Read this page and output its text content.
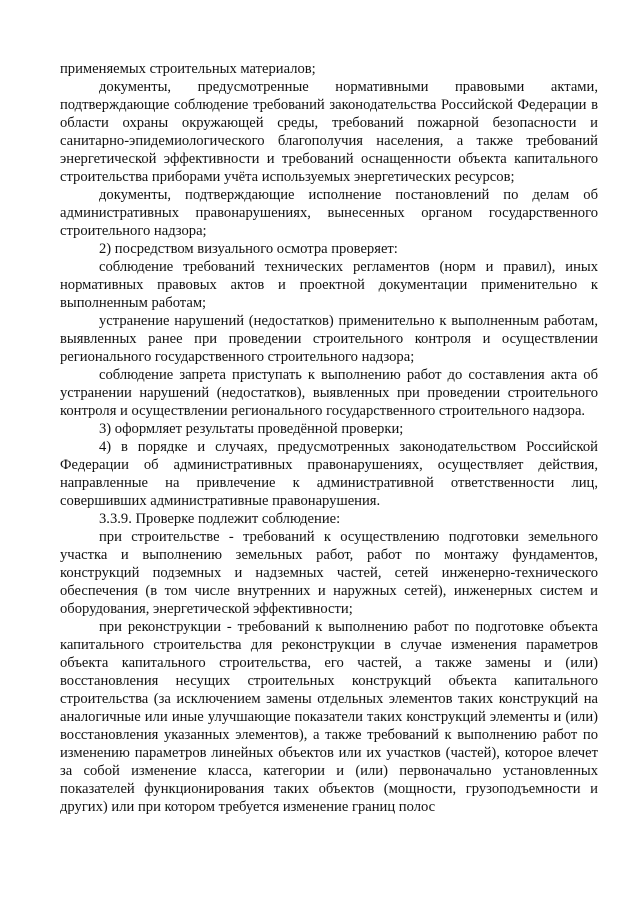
применяемых строительных материалов;

документы, предусмотренные нормативными правовыми актами, подтверждающие соблюдение требований законодательства Российской Федерации в области охраны окружающей среды, требований пожарной безопасности и санитарно-эпидемиологического благополучия населения, а также требований энергетической эффективности и требований оснащенности объекта капитального строительства приборами учёта используемых энергетических ресурсов;

документы, подтверждающие исполнение постановлений по делам об административных правонарушениях, вынесенных органом государственного строительного надзора;

2) посредством визуального осмотра проверяет:

соблюдение требований технических регламентов (норм и правил), иных нормативных правовых актов и проектной документации применительно к выполненным работам;

устранение нарушений (недостатков) применительно к выполненным работам, выявленных ранее при проведении строительного контроля и осуществлении регионального государственного строительного надзора;

соблюдение запрета приступать к выполнению работ до составления акта об устранении нарушений (недостатков), выявленных при проведении строительного контроля и осуществлении регионального государственного строительного надзора.

3) оформляет результаты проведённой проверки;

4) в порядке и случаях, предусмотренных законодательством Российской Федерации об административных правонарушениях, осуществляет действия, направленные на привлечение к административной ответственности лиц, совершивших административные правонарушения.

3.3.9. Проверке подлежит соблюдение:

при строительстве - требований к осуществлению подготовки земельного участка и выполнению земельных работ, работ по монтажу фундаментов, конструкций подземных и надземных частей, сетей инженерно-технического обеспечения (в том числе внутренних и наружных сетей), инженерных систем и оборудования, энергетической эффективности;

при реконструкции - требований к выполнению работ по подготовке объекта капитального строительства для реконструкции в случае изменения параметров объекта капитального строительства, его частей, а также замены и (или) восстановления несущих строительных конструкций объекта капитального строительства (за исключением замены отдельных элементов таких конструкций на аналогичные или иные улучшающие показатели таких конструкций элементы и (или) восстановления указанных элементов), а также требований к выполнению работ по изменению параметров линейных объектов или их участков (частей), которое влечет за собой изменение класса, категории и (или) первоначально установленных показателей функционирования таких объектов (мощности, грузоподъемности и других) или при котором требуется изменение границ полос
